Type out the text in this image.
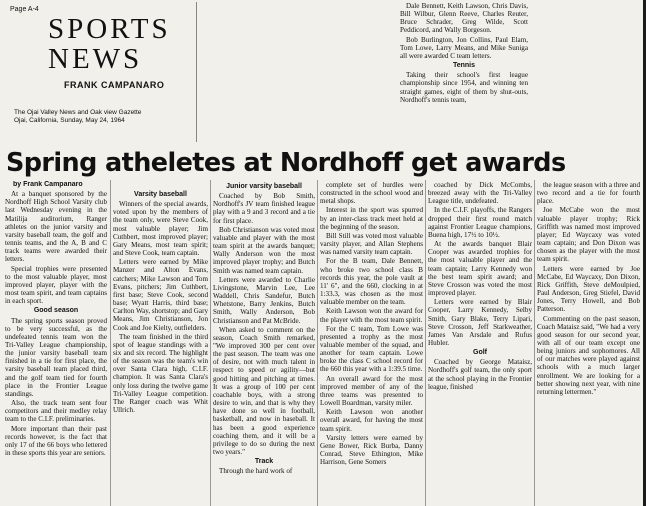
Page A-4
SPORTS
NEWS
FRANK CAMPANARO
The Ojai Valley News and Oak view Gazette
Ojai, California, Sunday, May 24, 1964

Dale Bennett, Keith Lawson, Chris Davis, Bill Wilbur, Glenn Reeve, Charles Reuter, Bruce Schrader, Greg Wilde, Scott Peddicord, and Wally Borgeson.

Bob Burlington, Jon Collins, Paul Elam, Tom Lowe, Larry Means, and Mike Suniga all were awarded C team letters.

Tennis

Taking their school's first league championship since 1954, and winning ten straight games, eight of them by shut-outs, Nordhoff's tennis team,

Spring atheletes at Nordhoff get awards

by Frank Campanaro

At a banquet sponsored by the Nordhoff High School Varsity club last Wednesday evening in the Matilija auditorium, Ranger athletes on the junior varsity and varsity baseball team, the golf and tennis teams, and the A, B and C track teams were awarded their letters.

Special trophies were presented to the most valuable player, most improved player, player with the most team spirit, and team captains in each sport.

Good season

The spring sports season proved to be very successful, as the undefeated tennis team won the Tri-Valley League championship, the junior varsity baseball team finished in a tie for first place, the varsity baseball team placed third, and the golf team tied for fourth place in the Frontier League standings.

Also, the track team sent four competitors and their medley relay team to the C.I.F. preliminaries.

More important than their past records however, is the fact that only 17 of the 66 boys who lettered in these sports this year are seniors.

Varsity baseball

Winners of the special awards, voted upon by the members of the team only, were Steve Cook, most valuable player; Jim Cuthbert, most improved player; Gary Means, most team spirit; and Steve Cook, team captain.

Letters were earned by Mike Manzer and Alton Evans, catchers; Mike Lawson and Tom Evans, pitchers; Jim Cuthbert, first base; Steve Cook, second base; Wyatt Harris, third base; Carlton Way, shortstop; and Gary Means, Jim Christianson, Jon Cook and Joe Kielty, outfielders.

The team finished in the third spot of league standings with a six and six record. The highlight of the season was the team's win over Santa Clara high, C.I.F. champion. It was Santa Clara's only loss during the twelve game Tri-Valley League competition. The Ranger coach was Whit Ullrich.

Junior varsity baseball

Coached by Bob Smith, Nordhoff's JV team finished league play with a 9 and 3 record and a tie for first place.

Bob Christianson was voted most valuable and player with the most team spirit at the awards banquet; Wally Anderson won the most improved player trophy; and Butch Smith was named team captain.

Letters were awarded to Charlie Livingstone, Marvin Lee, Lee Waddell, Chris Sandefur, Butch Whetstone, Barry Jenkins, Butch Smith, Wally Anderson, Bob Christianson and Pat McBride.

When asked to comment on the season, Coach Smith remarked, "We improved 300 per cent over the past season. The team was one of desire, not with much talent in respect to speed or agility—but good hitting and pitching at times. It was a group of 100 per cent coachable boys, with a strong desire to win, and that is why they have done so well in football, basketball, and now in baseball. It has been a good experience coaching them, and it will be a privilege to do so during the next two years."

Track

Through the hard work of

complete set of hurdles were constructed in the school wood and metal shops.

Interest in the sport was spurred by an inter-class track meet held at the beginning of the season.

Bill Still was voted most valuable varsity player, and Allan Stephens was named varsity team captain.

For the B team, Dale Bennett, who broke two school class B records this year, the pole vault at 11' 6", and the 660, clocking in at 1:33.3, was chosen as the most valuable member on the team.

Keith Lawson won the award for the player with the most team spirit.

For the C team, Tom Lowe was presented a trophy as the most valuable member of the squad, and another for team captain. Lowe broke the class C school record for the 660 this year with a 1:39.5 time.

An overall award for the most improved member of any of the three teams was presented to Lowell Boardman, varsity miler.

Keith Lawson won another overall award, for having the most team spirit.

Varsity letters were earned by Gene Bower, Rick Burba, Danny Conrad, Steve Ethington, Mike Harrison, Gene Somers

coached by Dick McCombs, breezed away with the Tri-Valley League title, undefeated.

In the C.I.F. playoffs, the Rangers dropped their first round match against Frontier League champions, Buena high, 17½ to 10½.

At the awards banquet Blair Cooper was awarded trophies for the most valuable player and the team captain; Larry Kennedy won the best team spirit award; and Steve Crosson was voted the most improved player.

Letters were earned by Blair Cooper, Larry Kennedy, Selby Smith, Gary Blake, Terry Lipari, Steve Crosson, Jeff Starkweather, James Van Arsdale and Rufus Hubler.

Golf

Coached by George Mataisz, Nordhoff's golf team, the only sport at the school playing in the Frontier league, finished

the league season with a three and two record and a tie for fourth place.

Joe McCabe won the most valuable player trophy; Rick Griffith was named most improved player; Ed Waycaxy was voted team captain; and Don Dixon was chosen as the player with the most team spirit.

Letters were earned by Joe McCabe, Ed Waycaxy, Don Dixon, Rick Griffith, Steve deMoulpied, Paul Anderson, Greg Stiefel, David Jones, Terry Howell, and Bob Patterson.

Commenting on the past season, Coach Mataisz said, "We had a very good season for our second year, with all of our team except one being juniors and sophomores. All of our matches were played against schools with a much larger enrollment. We are looking for a better showing next year, with nine returning lettermen."
